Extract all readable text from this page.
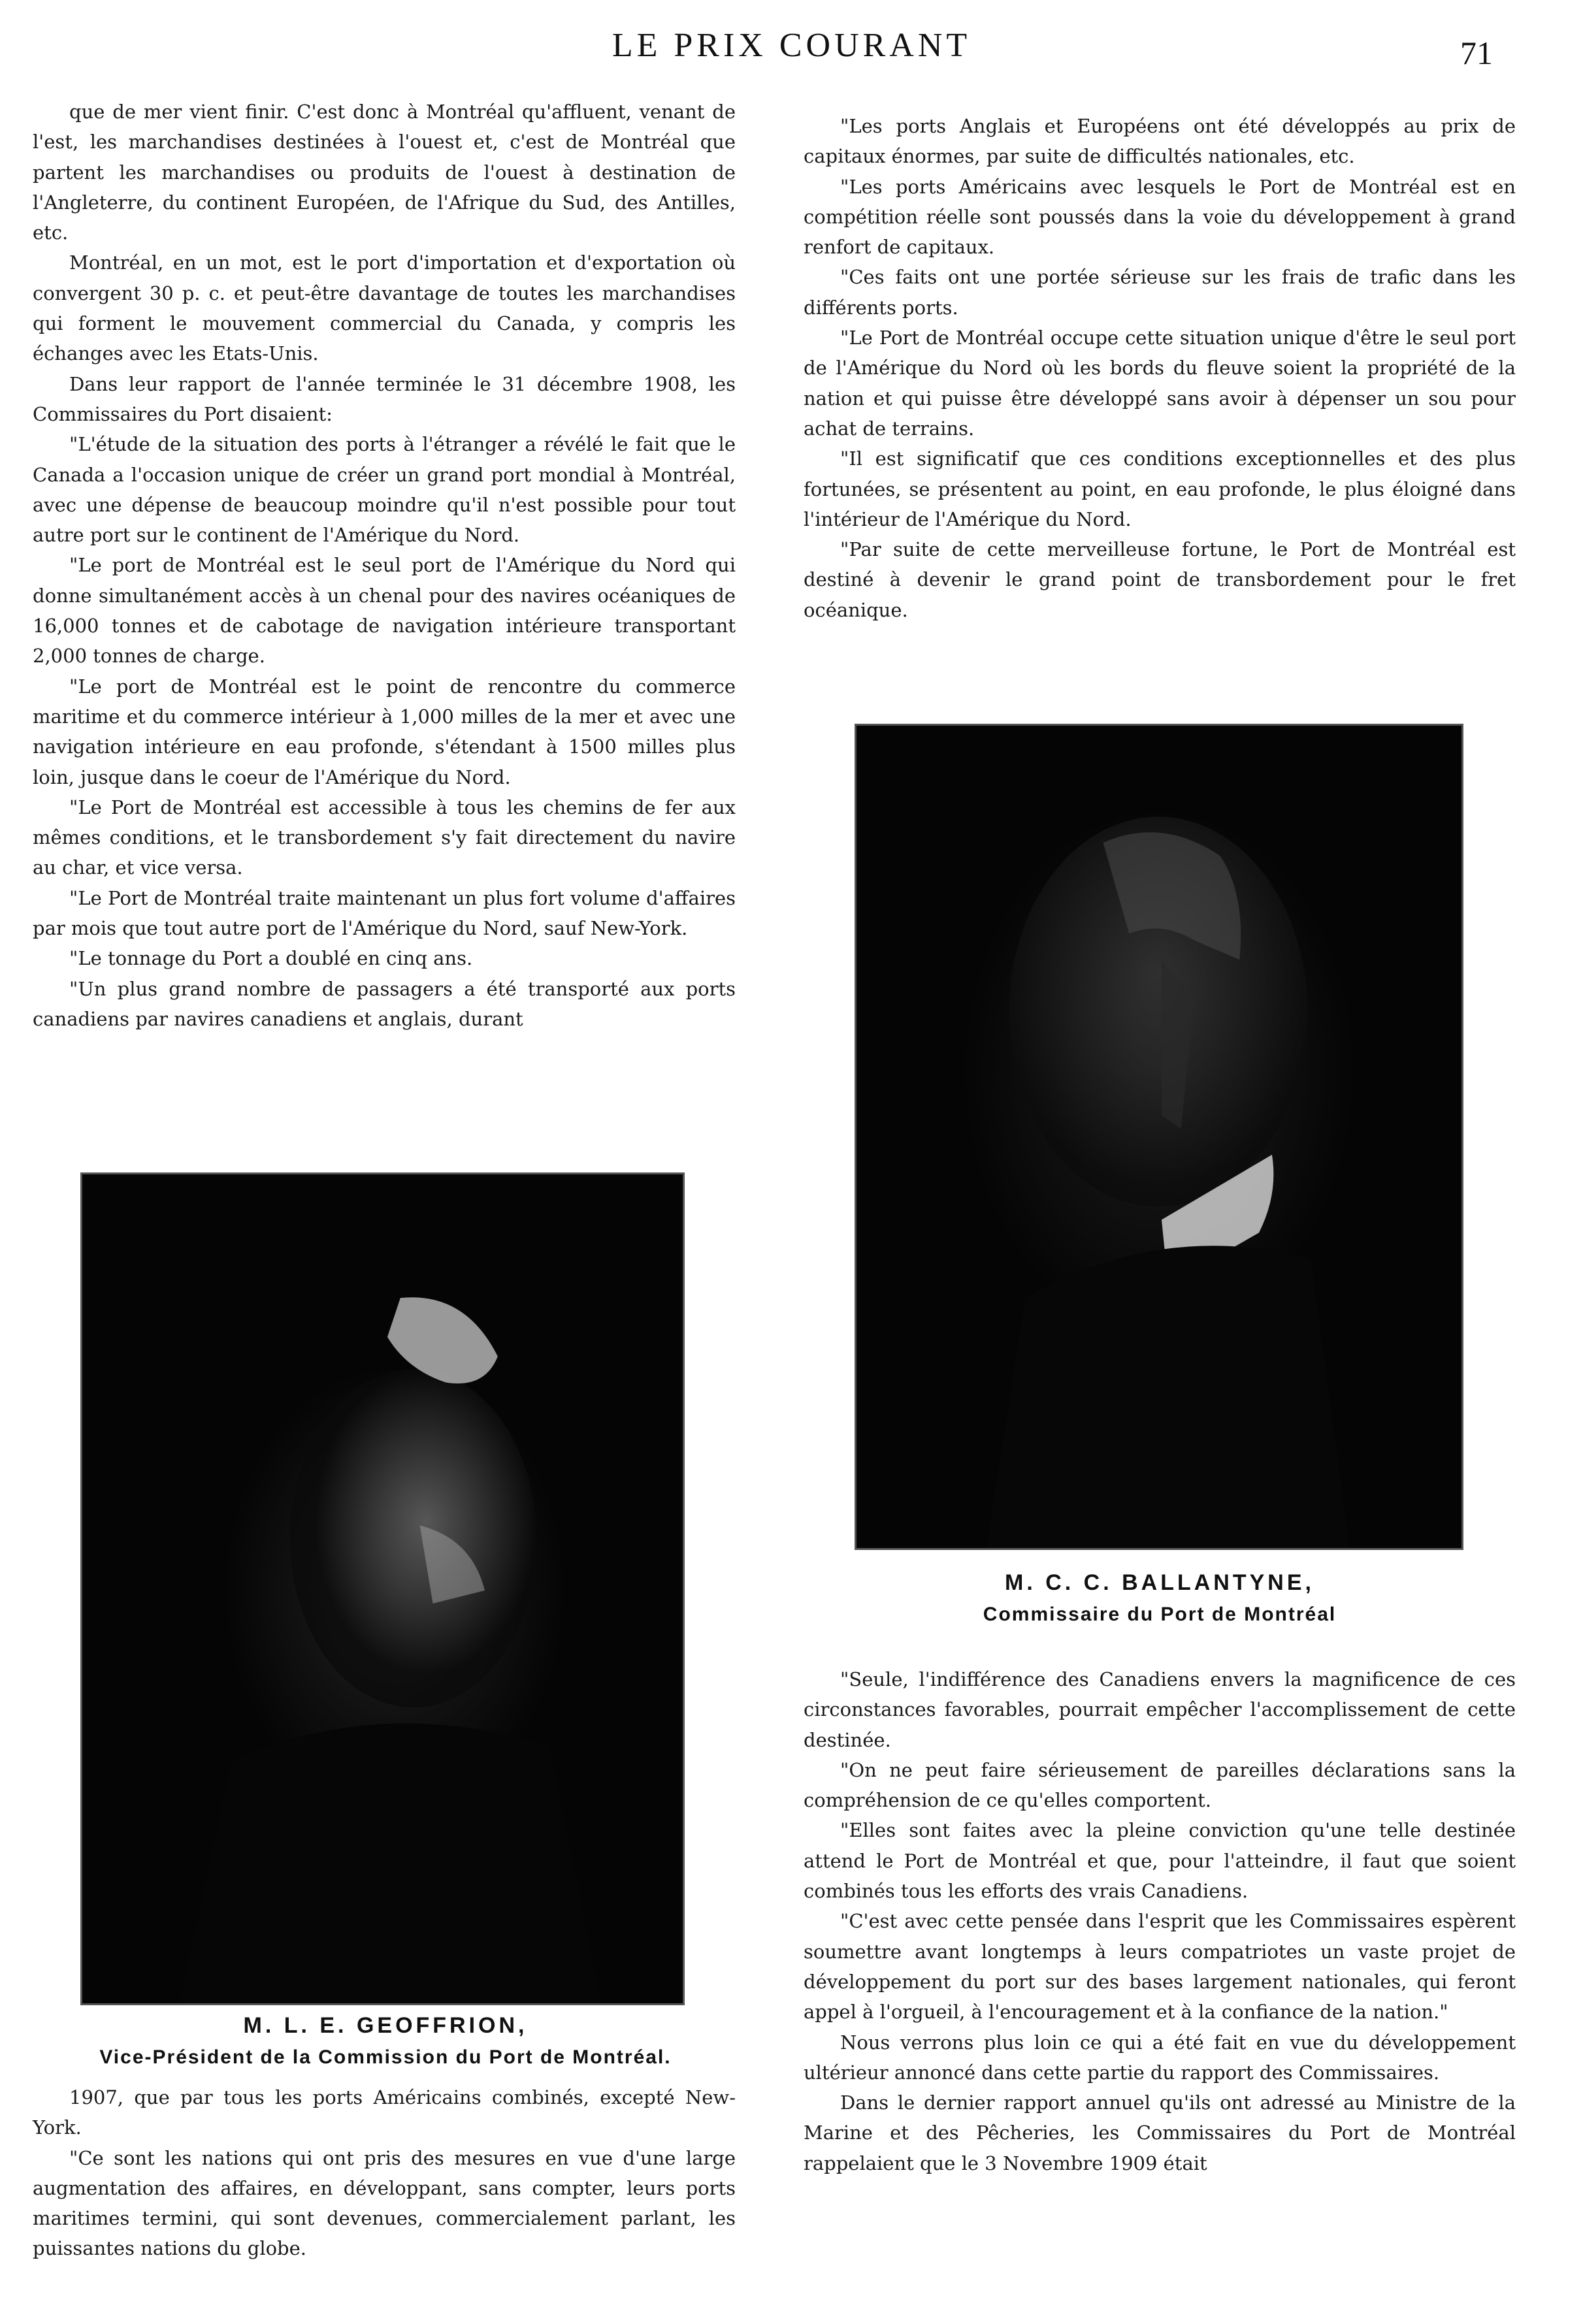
LE PRIX COURANT	71

que de mer vient finir. C'est donc à Montréal qu'affluent, venant de l'est, les marchandises destinées à l'ouest et, c'est de Montréal que partent les marchandises ou produits de l'ouest à destination de l'Angleterre, du continent Européen, de l'Afrique du Sud, des Antilles, etc.

Montréal, en un mot, est le port d'importation et d'exportation où convergent 30 p. c. et peut-être davantage de toutes les marchandises qui forment le mouvement commercial du Canada, y compris les échanges avec les Etats-Unis.

Dans leur rapport de l'année terminée le 31 décembre 1908, les Commissaires du Port disaient:

"L'étude de la situation des ports à l'étranger a révélé le fait que le Canada a l'occasion unique de créer un grand port mondial à Montréal, avec une dépense de beaucoup moindre qu'il n'est possible pour tout autre port sur le continent de l'Amérique du Nord.

"Le port de Montréal est le seul port de l'Amérique du Nord qui donne simultanément accès à un chenal pour des navires océaniques de 16,000 tonnes et de cabotage de navigation intérieure transportant 2,000 tonnes de charge.

"Le port de Montréal est le point de rencontre du commerce maritime et du commerce intérieur à 1,000 milles de la mer et avec une navigation intérieure en eau profonde, s'étendant à 1500 milles plus loin, jusque dans le coeur de l'Amérique du Nord.

"Le Port de Montréal est accessible à tous les chemins de fer aux mêmes conditions, et le transbordement s'y fait directement du navire au char, et vice versa.

"Le Port de Montréal traite maintenant un plus fort volume d'affaires par mois que tout autre port de l'Amérique du Nord, sauf New-York.

"Le tonnage du Port a doublé en cinq ans.

"Un plus grand nombre de passagers a été transporté aux ports canadiens par navires canadiens et anglais, durant

"Les ports Anglais et Européens ont été développés au prix de capitaux énormes, par suite de difficultés nationales, etc.

"Les ports Américains avec lesquels le Port de Montréal est en compétition réelle sont poussés dans la voie du développement à grand renfort de capitaux.

"Ces faits ont une portée sérieuse sur les frais de trafic dans les différents ports.

"Le Port de Montréal occupe cette situation unique d'être le seul port de l'Amérique du Nord où les bords du fleuve soient la propriété de la nation et qui puisse être développé sans avoir à dépenser un sou pour achat de terrains.

"Il est significatif que ces conditions exceptionnelles et des plus fortunées, se présentent au point, en eau profonde, le plus éloigné dans l'intérieur de l'Amérique du Nord.

"Par suite de cette merveilleuse fortune, le Port de Montréal est destiné à devenir le grand point de transbordement pour le fret océanique.

M. C. C. BALLANTYNE,
Commissaire du Port de Montréal
M. L. E. GEOFFRION,
Vice-Président de la Commission du Port de Montréal.

1907, que par tous les ports Américains combinés, excepté New-York.

"Ce sont les nations qui ont pris des mesures en vue d'une large augmentation des affaires, en développant, sans compter, leurs ports maritimes termini, qui sont devenues, commercialement parlant, les puissantes nations du globe.

"Seule, l'indifférence des Canadiens envers la magnificence de ces circonstances favorables, pourrait empêcher l'accomplissement de cette destinée.

"On ne peut faire sérieusement de pareilles déclarations sans la compréhension de ce qu'elles comportent.

"Elles sont faites avec la pleine conviction qu'une telle destinée attend le Port de Montréal et que, pour l'atteindre, il faut que soient combinés tous les efforts des vrais Canadiens.

"C'est avec cette pensée dans l'esprit que les Commissaires espèrent soumettre avant longtemps à leurs compatriotes un vaste projet de développement du port sur des bases largement nationales, qui feront appel à l'orgueil, à l'encouragement et à la confiance de la nation."

Nous verrons plus loin ce qui a été fait en vue du développement ultérieur annoncé dans cette partie du rapport des Commissaires.

Dans le dernier rapport annuel qu'ils ont adressé au Ministre de la Marine et des Pêcheries, les Commissaires du Port de Montréal rappelaient que le 3 Novembre 1909 était
